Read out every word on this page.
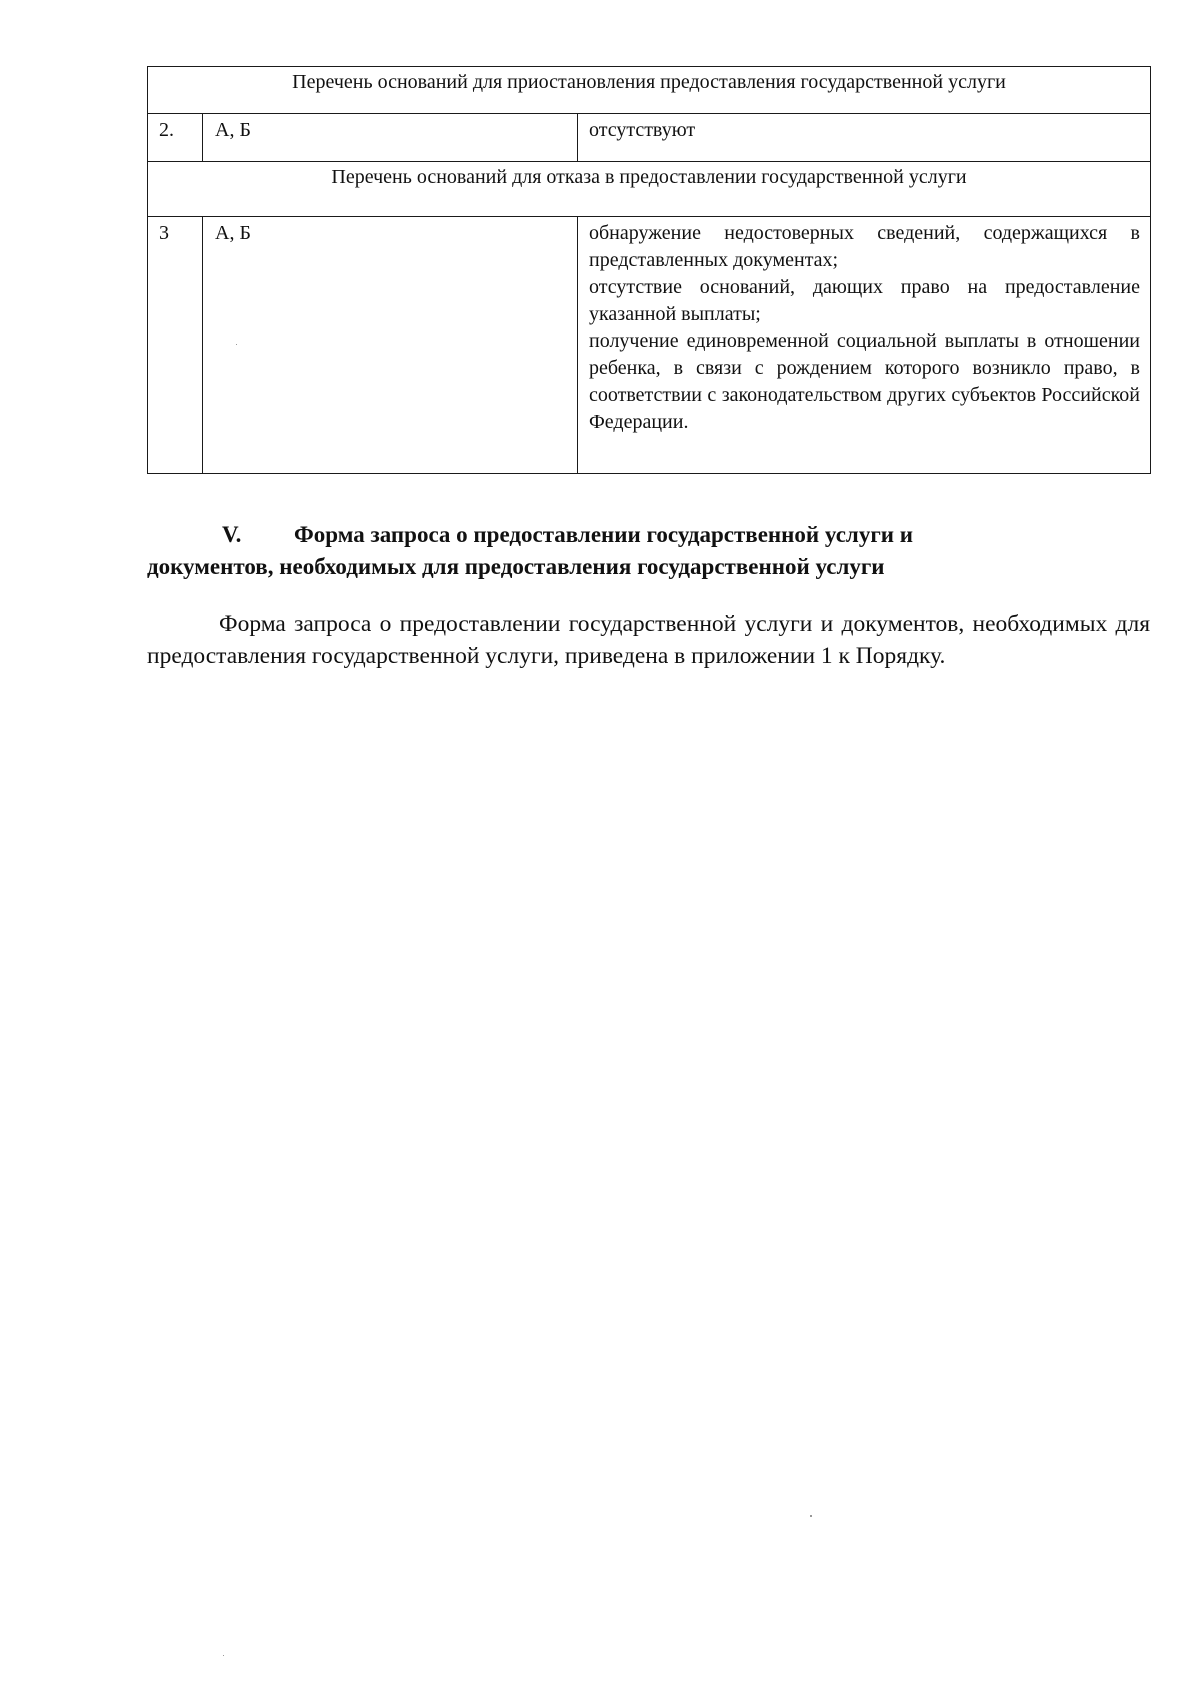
Перечень оснований для приостановления предоставления государственной услуги		
2.	А, Б	отсутствуют
Перечень оснований для отказа в предоставлении государственной услуги		
3	А, Б	обнаружение недостоверных сведений, содержащихся в представленных документах;

отсутствие оснований, дающих право на предоставление указанной выплаты;

получение единовременной социальной выплаты в отношении ребенка, в связи с рождением которого возникло право, в соответствии с законодательством других субъектов Российской Федерации.

V. Форма запроса о предоставлении государственной услуги и
документов, необходимых для предоставления государственной услуги

Форма запроса о предоставлении государственной услуги и документов, необходимых для предоставления государственной услуги, приведена в приложении 1 к Порядку.
